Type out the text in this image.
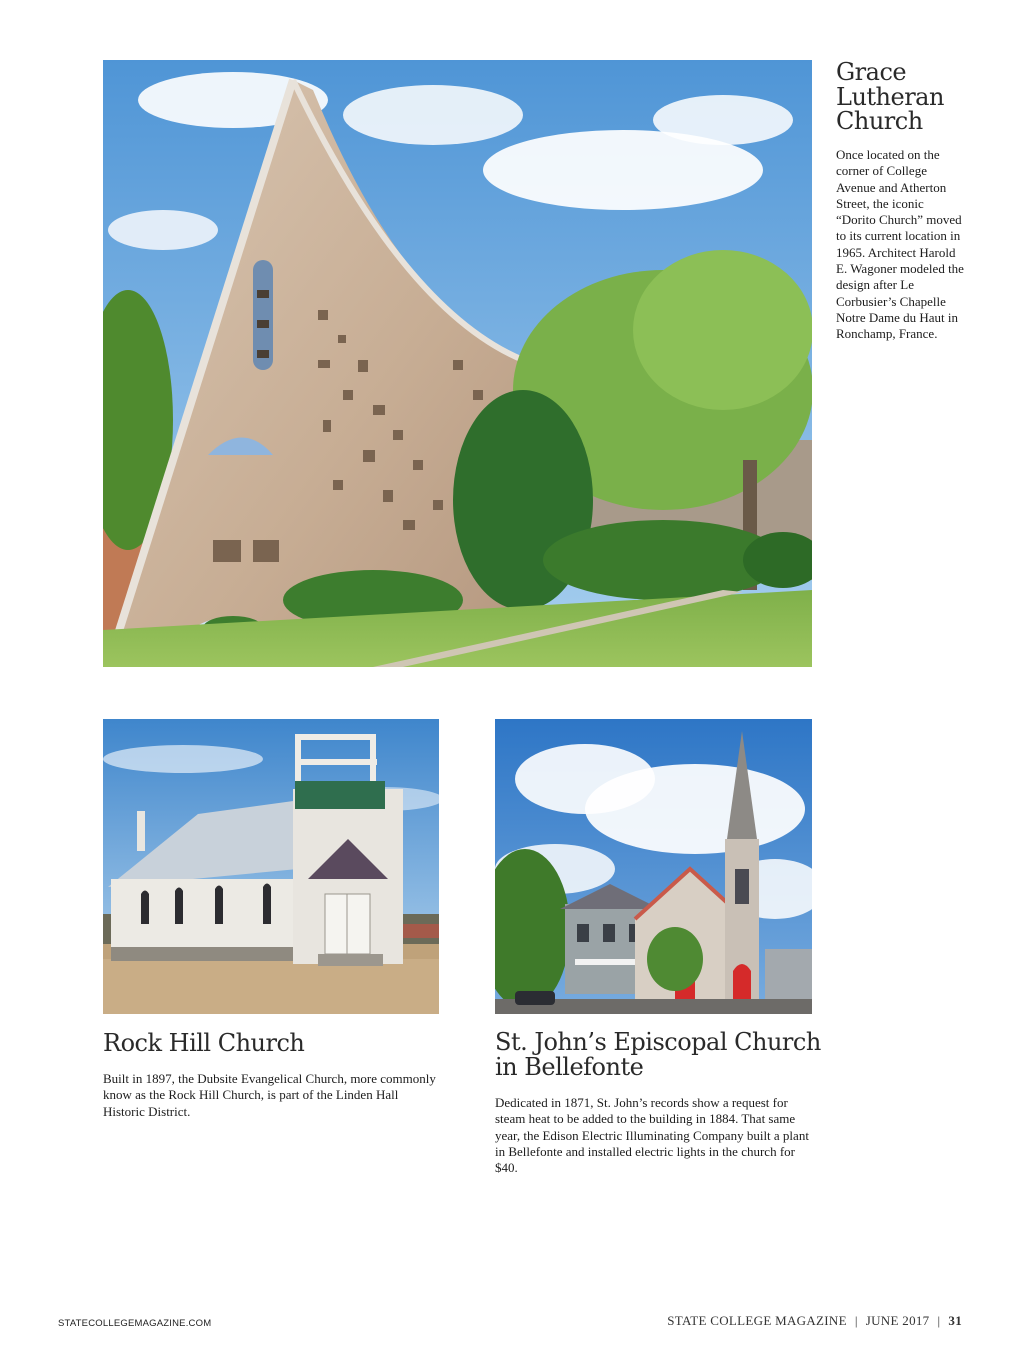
Grace
Lutheran
Church

Once located on the corner of College Avenue and Atherton Street, the iconic “Dorito Church” moved to its current location in 1965. Architect Harold E. Wagoner modeled the design after Le Corbusier’s Chapelle Notre Dame du Haut in Ronchamp, France.

Rock Hill Church

Built in 1897, the Dubsite Evangelical Church, more commonly know as the Rock Hill Church, is part of the Linden Hall Historic District.

St. John’s Episcopal Church
in Bellefonte

Dedicated in 1871, St. John’s records show a request for steam heat to be added to the building in 1884. That same year, the Edison Electric Illuminating Company built a plant in Bellefonte and installed electric lights in the church for $40.

STATECOLLEGEMAGAZINE.COM	STATE COLLEGE MAGAZINE | JUNE 2017 | 31
